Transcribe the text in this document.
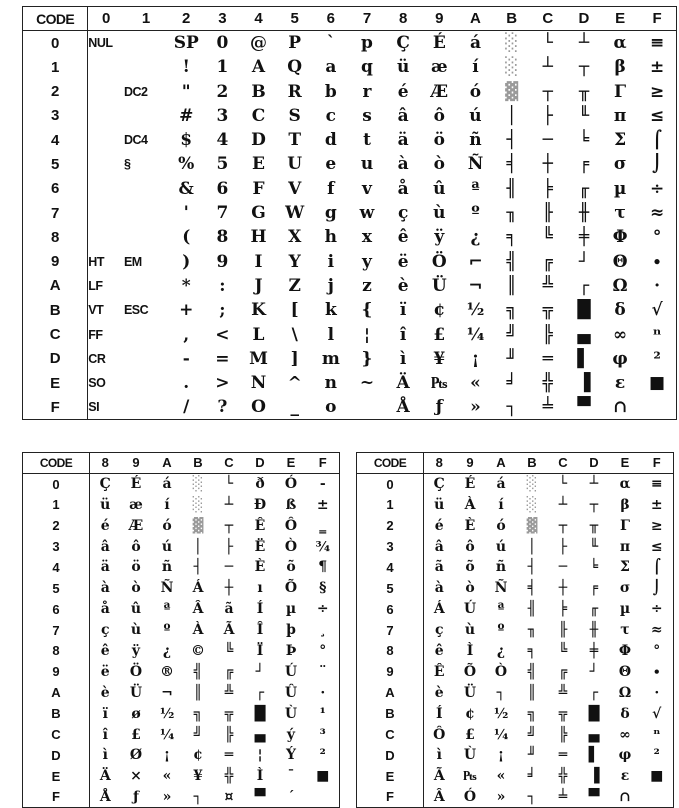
CODE	0	1	2	3	4	5	6	7	8	9	A	B	C	D	E	F
0	NUL		SP	0	@	P	`	p	Ç	É	á	░	└	┴	α	≡
1			!	1	A	Q	a	q	ü	æ	í	░	┴	┬	β	±
2		DC2	"	2	B	R	b	r	é	Æ	ó	▓	┬	╥	Γ	≥
3			#	3	C	S	c	s	â	ô	ú	│	├	╙	π	≤
4		DC4	$	4	D	T	d	t	ä	ö	ñ	┤	─	╘	Σ	⌠
5		§	%	5	E	U	e	u	à	ò	Ñ	╡	┼	╒	σ	⌡
6			&	6	F	V	f	v	å	û	ª	╢	╞	╓	µ	÷
7			'	7	G	W	g	w	ç	ù	º	╖	╟	╫	τ	≈
8			(	8	H	X	h	x	ê	ÿ	¿	╕	╚	╪	Φ	°
9	HT	EM	)	9	I	Y	i	y	ë	Ö	⌐	╣	╔	┘	Θ	∙
A	LF		*	:	J	Z	j	z	è	Ü	¬	║	╩	┌	Ω	·
B	VT	ESC	+	;	K	[	k	{	ï	¢	½	╗	╦	█	δ	√
C	FF		,	<	L	\	l	¦	î	£	¼	╝	╠	▄	∞	ⁿ
D	CR		-	=	M	]	m	}	ì	¥	¡	╜	═	▌	φ	²
E	SO		.	>	N	^	n	~	Ä	₧	«	╛	╬	▐	ε	■
F	SI		/	?	O	_	o		Å	ƒ	»	┐	╧	▀	∩	
CODE	8	9	A	B	C	D	E	F
0	Ç	É	á	░	└	ð	Ó	-
1	ü	æ	í	░	┴	Ð	ß	±
2	é	Æ	ó	▓	┬	Ê	Ô	‗
3	â	ô	ú	│	├	Ë	Ò	¾
4	ä	ö	ñ	┤	─	È	õ	¶
5	à	ò	Ñ	Á	┼	ı	Õ	§
6	å	û	ª	Â	ã	Í	µ	÷
7	ç	ù	º	À	Ã	Î	þ	¸
8	ê	ÿ	¿	©	╚	Ï	Þ	°
9	ë	Ö	®	╣	╔	┘	Ú	¨
A	è	Ü	¬	║	╩	┌	Û	·
B	ï	ø	½	╗	╦	█	Ù	¹
C	î	£	¼	╝	╠	▄	ý	³
D	ì	Ø	¡	¢	═	¦	Ý	²
E	Ä	×	«	¥	╬	Ì	¯	■
F	Å	ƒ	»	┐	¤	▀	´	
CODE	8	9	A	B	C	D	E	F
0	Ç	É	á	░	└	┴	α	≡
1	ü	À	í	░	┴	┬	β	±
2	é	È	ó	▓	┬	╥	Γ	≥
3	â	ô	ú	│	├	╙	π	≤
4	ã	õ	ñ	┤	─	╘	Σ	⌠
5	à	ò	Ñ	╡	┼	╒	σ	⌡
6	Á	Ú	ª	╢	╞	╓	µ	÷
7	ç	ù	º	╖	╟	╫	τ	≈
8	ê	Ì	¿	╕	╚	╪	Φ	°
9	Ê	Õ	Ò	╣	╔	┘	Θ	∙
A	è	Ü	┐	║	╩	┌	Ω	·
B	Í	¢	½	╗	╦	█	δ	√
C	Ô	£	¼	╝	╠	▄	∞	ⁿ
D	ì	Ù	¡	╜	═	▌	φ	²
E	Ã	₧	«	╛	╬	▐	ε	■
F	Â	Ó	»	┐	╧	▀	∩	
